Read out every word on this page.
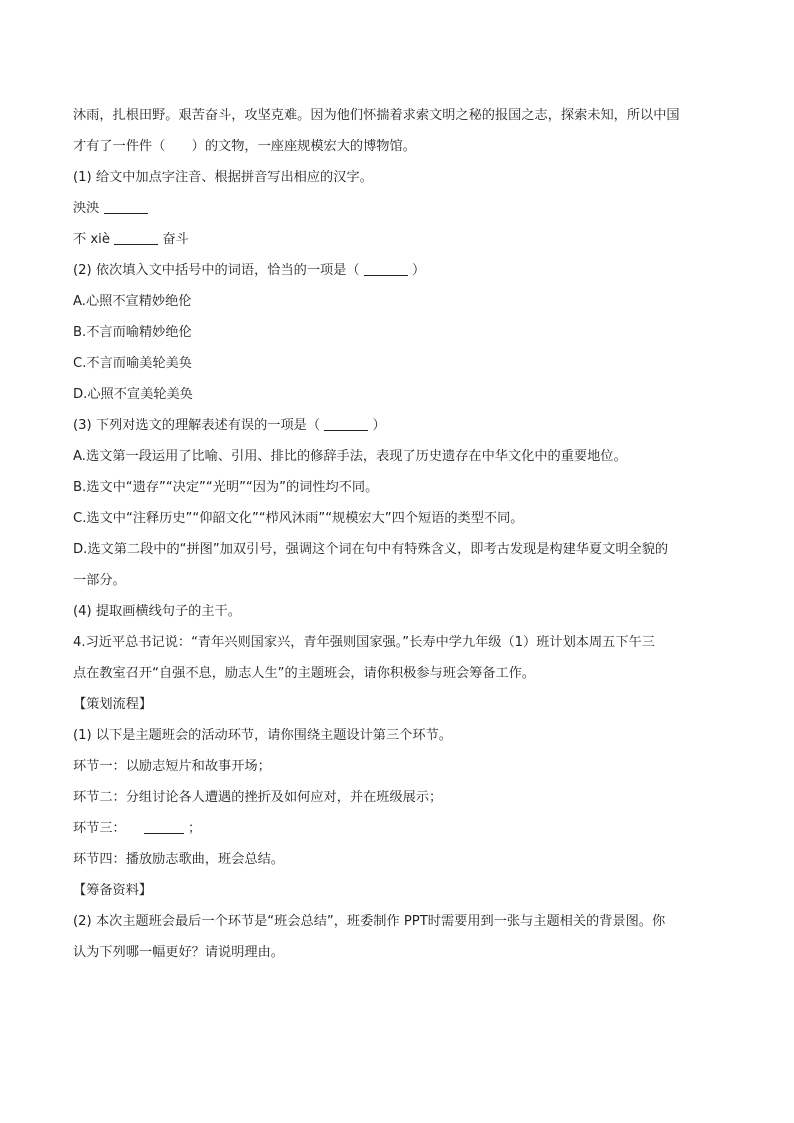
沐雨，扎根田野。艰苦奋斗，攻坚克难。因为他们怀揣着求索文明之秘的报国之志，探索未知，所以中国
才有了一件件（　　）的文物，一座座规模宏大的博物馆。
(1) 给文中加点字注音、根据拼音写出相应的汉字。
泱泱
不 xiè	奋斗
(2) 依次填入文中括号中的词语，恰当的一项是（	）
A.心照不宣精妙绝伦
B.不言而喻精妙绝伦
C.不言而喻美轮美奂
D.心照不宣美轮美奂
(3) 下列对选文的理解表述有误的一项是（	）
A.选文第一段运用了比喻、引用、排比的修辞手法，表现了历史遗存在中华文化中的重要地位。
B.选文中“遗存”“决定”“光明”“因为”的词性均不同。
C.选文中“注释历史”“仰韶文化”“栉风沐雨”“规模宏大”四个短语的类型不同。
D.选文第二段中的“拼图”加双引号，强调这个词在句中有特殊含义，即考古发现是构建华夏文明全貌的
一部分。
(4) 提取画横线句子的主干。
4.习近平总书记说：“青年兴则国家兴，青年强则国家强。”长寿中学九年级（1）班计划本周五下午三
点在教室召开“自强不息，励志人生”的主题班会，请你积极参与班会筹备工作。
【策划流程】
(1) 以下是主题班会的活动环节，请你围绕主题设计第三个环节。
环节一：以励志短片和故事开场；
环节二：分组讨论各人遭遇的挫折及如何应对，并在班级展示；
环节三：	；
环节四：播放励志歌曲，班会总结。
【筹备资料】
(2) 本次主题班会最后一个环节是“班会总结”，班委制作 PPT时需要用到一张与主题相关的背景图。你
认为下列哪一幅更好？请说明理由。
